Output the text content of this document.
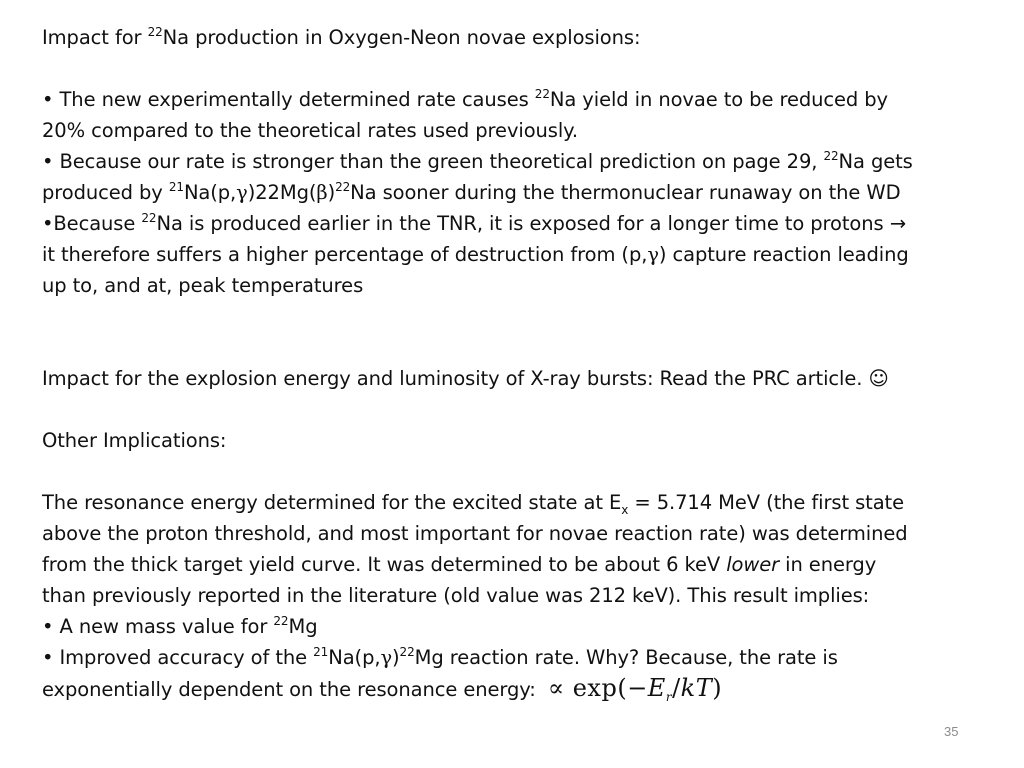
Impact for $^{22}$Na production in Oxygen-Neon novae explosions:
• The new experimentally determined rate causes $^{22}$Na yield in novae to be reduced by
20% compared to the theoretical rates used previously.
• Because our rate is stronger than the green theoretical prediction on page 29, $^{22}$Na gets
produced by $^{21}Na(p,\gamma)22Mg(\beta)^{22}Na$ sooner during the thermonuclear runaway on the WD
•Because $^{22}$Na is produced earlier in the TNR, it is exposed for a longer time to protons →
it therefore suffers a higher percentage of destruction from (p,γ) capture reaction leading
up to, and at, peak temperatures
Impact for the explosion energy and luminosity of X-ray bursts: Read the PRC article. ☺
Other Implications:
The resonance energy determined for the excited state at $E_x = 5.714$ MeV (the first state
above the proton threshold, and most important for novae reaction rate) was determined
from the thick target yield curve. It was determined to be about 6 keV lower in energy
than previously reported in the literature (old value was 212 keV). This result implies:
• A new mass value for $^{22}$Mg
• Improved accuracy of the $^{21}Na(p,\gamma)^{22}Mg$ reaction rate. Why? Because, the rate is
exponentially dependent on the resonance energy: ∝ $\exp(-E_r/kT)$
35
